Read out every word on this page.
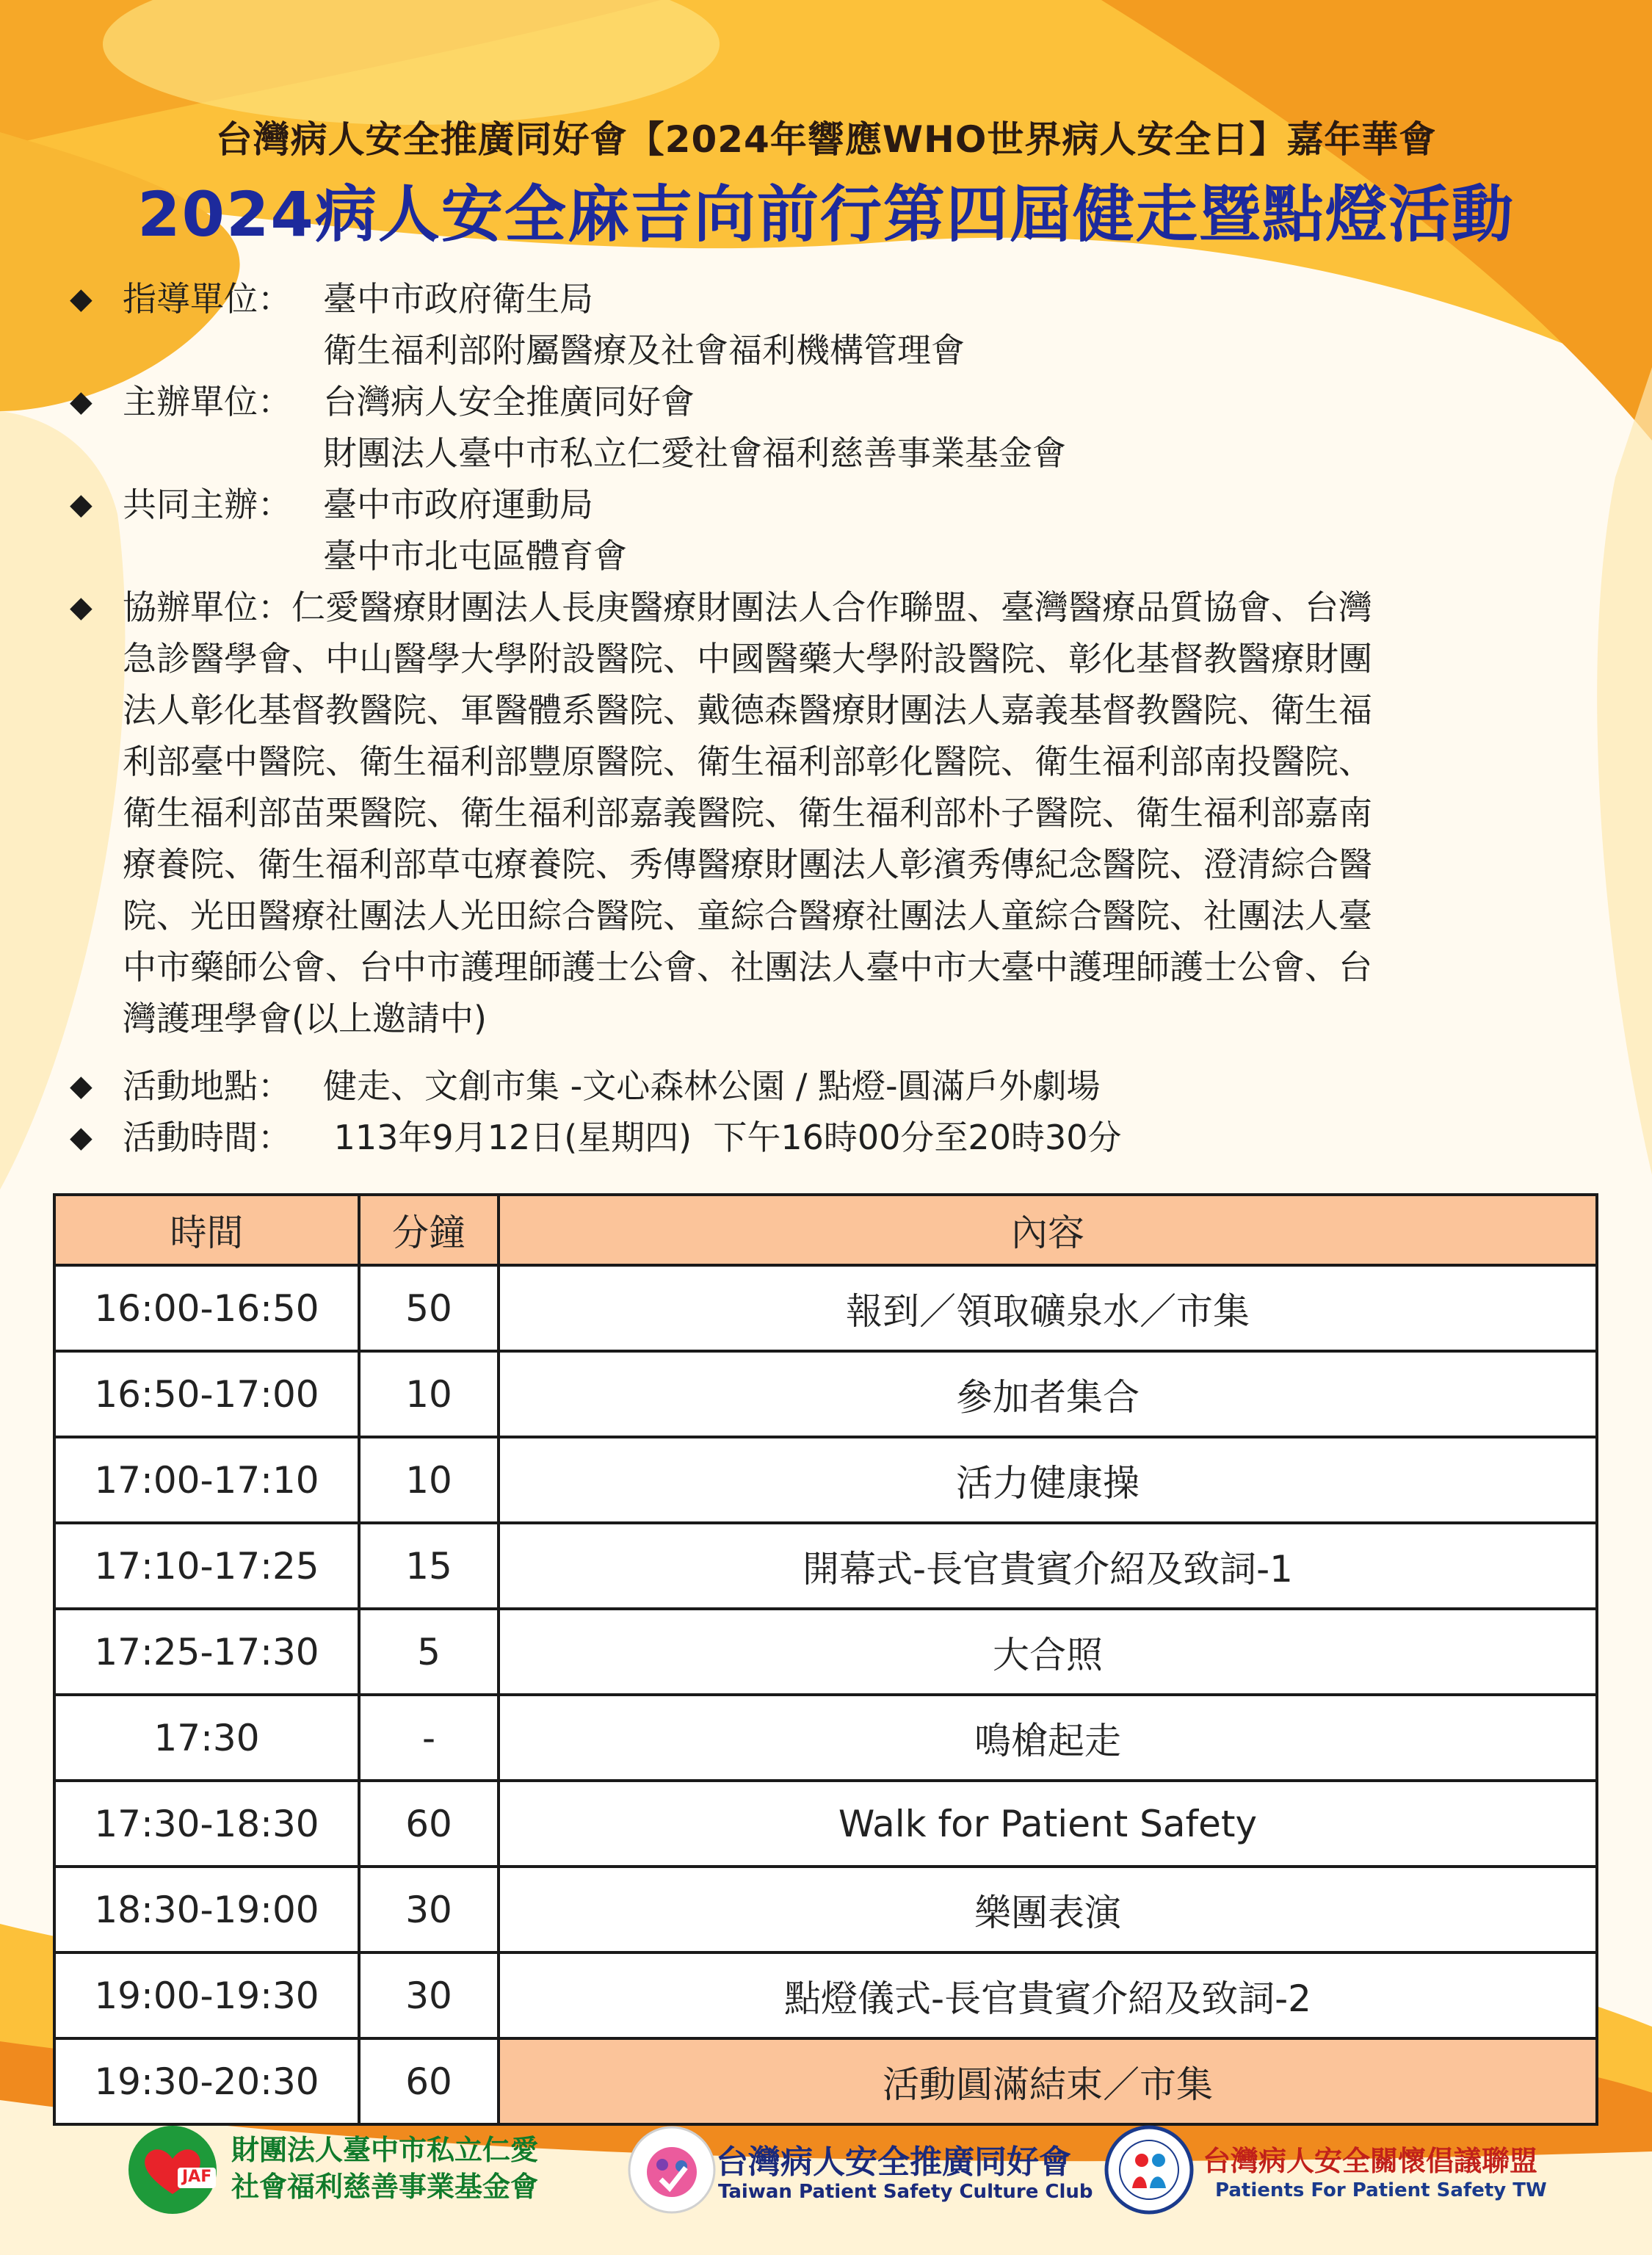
台灣病人安全推廣同好會【2024年響應WHO世界病人安全日】嘉年華會
2024病人安全麻吉向前行第四屆健走暨點燈活動
◆ 指導單位： 臺中市政府衛生局
衛生福利部附屬醫療及社會福利機構管理會
◆ 主辦單位： 台灣病人安全推廣同好會
財團法人臺中市私立仁愛社會福利慈善事業基金會
◆ 共同主辦： 臺中市政府運動局
臺中市北屯區體育會
◆ 協辦單位：仁愛醫療財團法人長庚醫療財團法人合作聯盟、臺灣醫療品質協會、台灣
急診醫學會、中山醫學大學附設醫院、中國醫藥大學附設醫院、彰化基督教醫療財團
法人彰化基督教醫院、軍醫體系醫院、戴德森醫療財團法人嘉義基督教醫院、衛生福
利部臺中醫院、衛生福利部豐原醫院、衛生福利部彰化醫院、衛生福利部南投醫院、
衛生福利部苗栗醫院、衛生福利部嘉義醫院、衛生福利部朴子醫院、衛生福利部嘉南
療養院、衛生福利部草屯療養院、秀傳醫療財團法人彰濱秀傳紀念醫院、澄清綜合醫
院、光田醫療社團法人光田綜合醫院、童綜合醫療社團法人童綜合醫院、社團法人臺
中市藥師公會、台中市護理師護士公會、社團法人臺中市大臺中護理師護士公會、台
灣護理學會(以上邀請中)
◆ 活動地點： 健走、文創市集 -文心森林公園 / 點燈-圓滿戶外劇場
◆ 活動時間： 113年9月12日(星期四)  下午16時00分至20時30分
時間	分鐘	內容
16:00-16:50	50	報到／領取礦泉水／市集
16:50-17:00	10	參加者集合
17:00-17:10	10	活力健康操
17:10-17:25	15	開幕式-長官貴賓介紹及致詞-1
17:25-17:30	5	大合照
17:30	-	鳴槍起走
17:30-18:30	60	Walk for Patient Safety
18:30-19:00	30	樂團表演
19:00-19:30	30	點燈儀式-長官貴賓介紹及致詞-2
19:30-20:30	60	活動圓滿結束／市集
JAF
財團法人臺中市私立仁愛
社會福利慈善事業基金會
台灣病人安全推廣同好會
Taiwan Patient Safety Culture Club
台灣病人安全關懷倡議聯盟
Patients For Patient Safety TW
